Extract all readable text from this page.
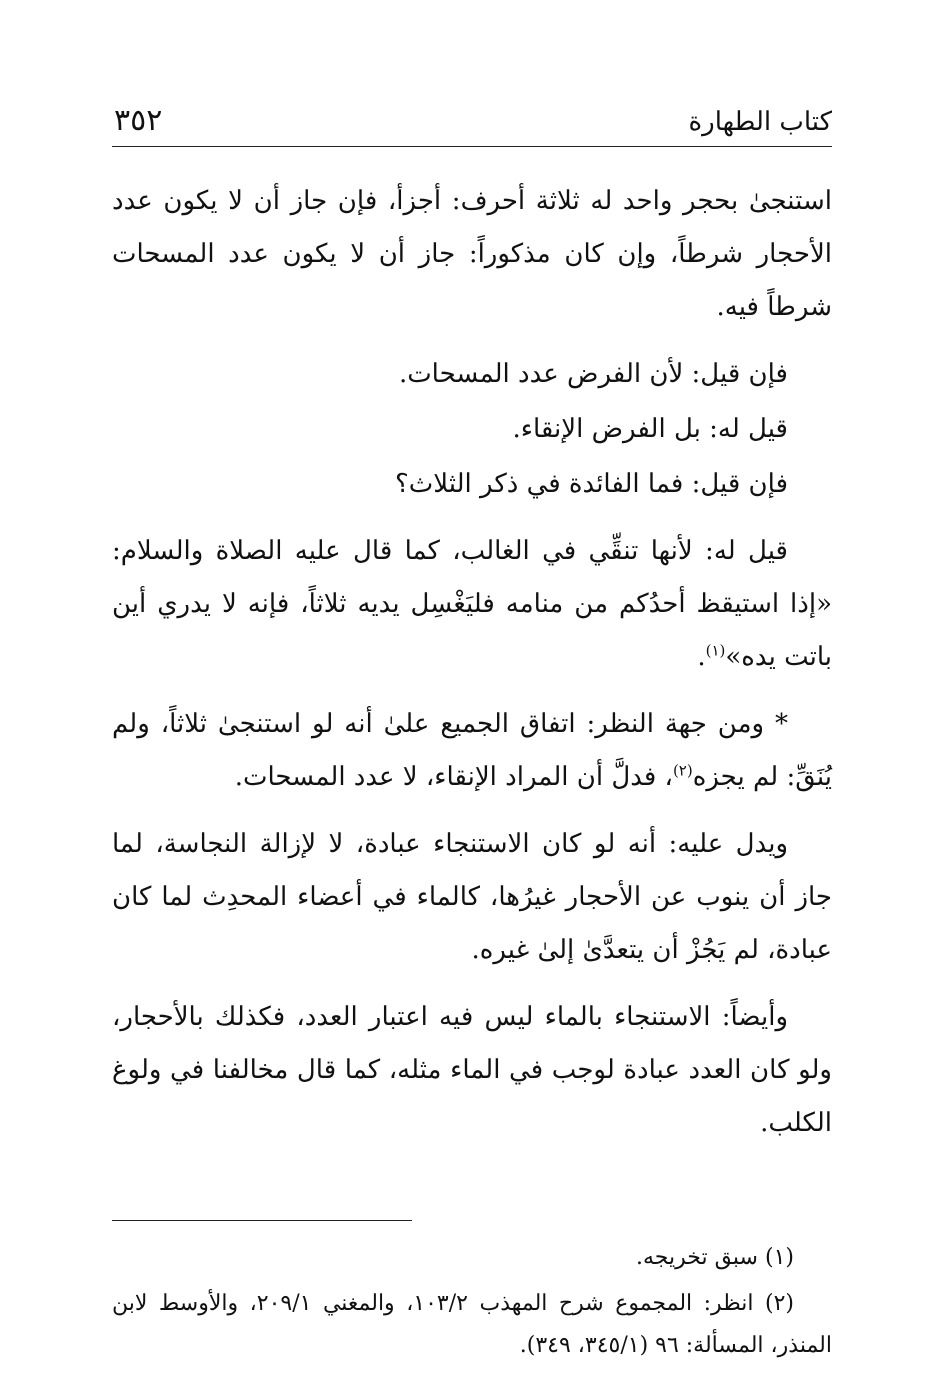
كتاب الطهارة
٣٥٢

استنجىٰ بحجر واحد له ثلاثة أحرف: أجزأ، فإن جاز أن لا يكون عدد الأحجار شرطاً، وإن كان مذكوراً: جاز أن لا يكون عدد المسحات شرطاً فيه.

فإن قيل: لأن الفرض عدد المسحات.

قيل له: بل الفرض الإنقاء.

فإن قيل: فما الفائدة في ذكر الثلاث؟

قيل له: لأنها تنقِّي في الغالب، كما قال عليه الصلاة والسلام: «إذا استيقظ أحدُكم من منامه فليَغْسِل يديه ثلاثاً، فإنه لا يدري أين باتت يده»$^{(١)}$.

* ومن جهة النظر: اتفاق الجميع علىٰ أنه لو استنجىٰ ثلاثاً، ولم يُنَقِّ: لم يجزه$^{(٢)}$، فدلَّ أن المراد الإنقاء، لا عدد المسحات.

ويدل عليه: أنه لو كان الاستنجاء عبادة، لا لإزالة النجاسة، لما جاز أن ينوب عن الأحجار غيرُها، كالماء في أعضاء المحدِث لما كان عبادة، لم يَجُزْ أن يتعدَّىٰ إلىٰ غيره.

وأيضاً: الاستنجاء بالماء ليس فيه اعتبار العدد، فكذلك بالأحجار، ولو كان العدد عبادة لوجب في الماء مثله، كما قال مخالفنا في ولوغ الكلب.

(١) سبق تخريجه.

(٢) انظر: المجموع شرح المهذب ١٠٣/٢، والمغني ٢٠٩/١، والأوسط لابن المنذر، المسألة: ٩٦ (٣٤٥/١، ٣٤٩).
